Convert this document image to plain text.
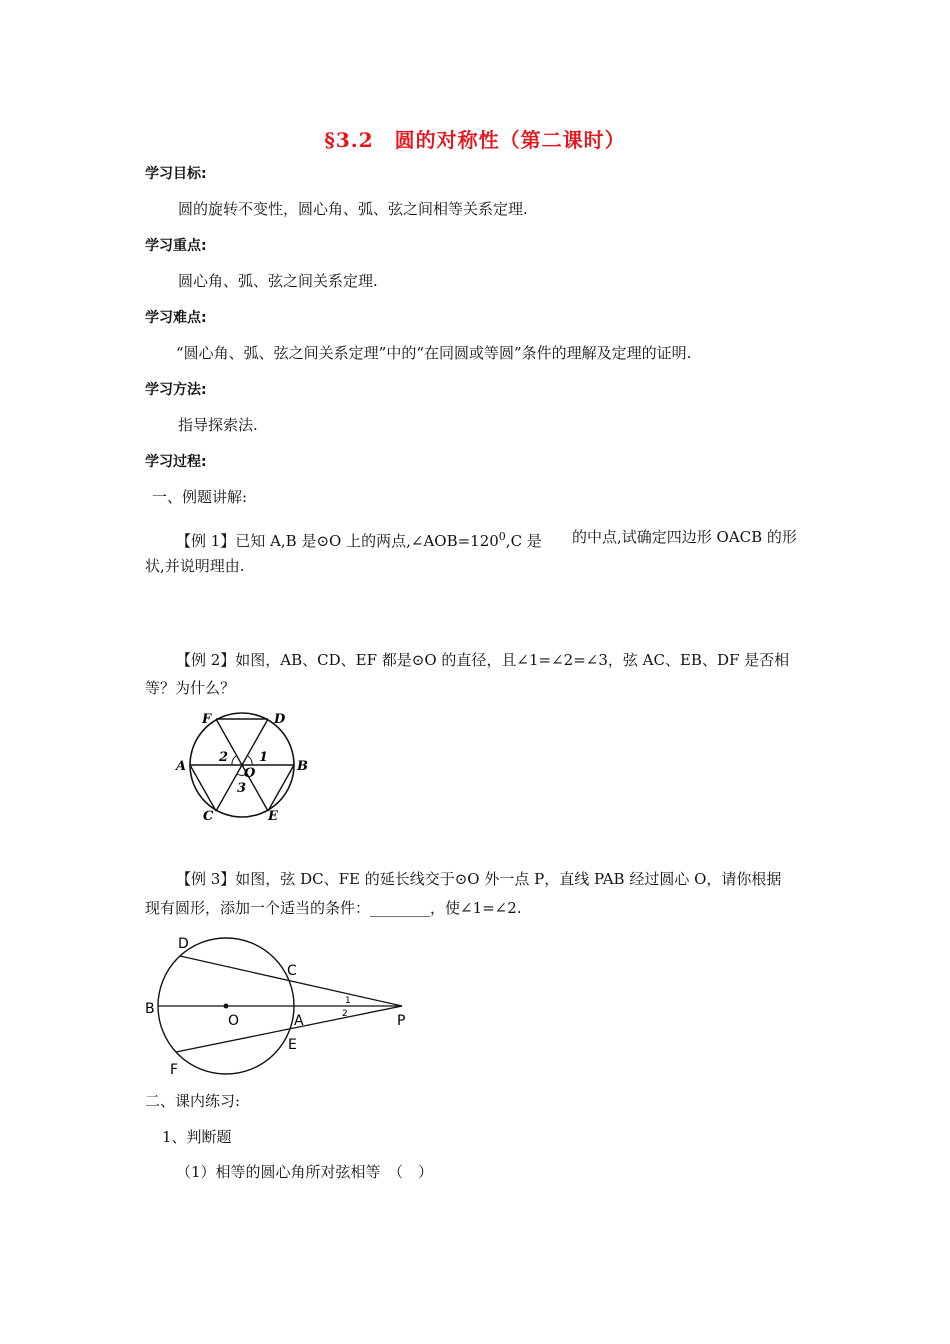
§3.2　圆的对称性（第二课时）
学习目标:
圆的旋转不变性，圆心角、弧、弦之间相等关系定理.
学习重点:
圆心角、弧、弦之间关系定理.
学习难点:
“圆心角、弧、弦之间关系定理”中的“在同圆或等圆”条件的理解及定理的证明.
学习方法:
指导探索法.
学习过程:
一、例题讲解:
【例 1】已知 A,B 是⊙O 上的两点$,\angle AOB=120^0,C$ 是 的中点,试确定四边形 OACB 的形
状,并说明理由.
【例 2】如图，AB、CD、EF 都是⊙O 的直径，且∠1=∠2=∠3，弦 AC、EB、DF 是否相
等？为什么？
F	D
A	B
C	E
O
1
2
3
【例 3】如图，弦 DC、FE 的延长线交于⊙O 外一点 P，直线 PAB 经过圆心 O，请你根据
现有圆形，添加一个适当的条件：________，使∠1=∠2.
D
C
B
O	A	P
E
F
1
2
二、课内练习:
1、判断题
（1）相等的圆心角所对弦相等　（　）
